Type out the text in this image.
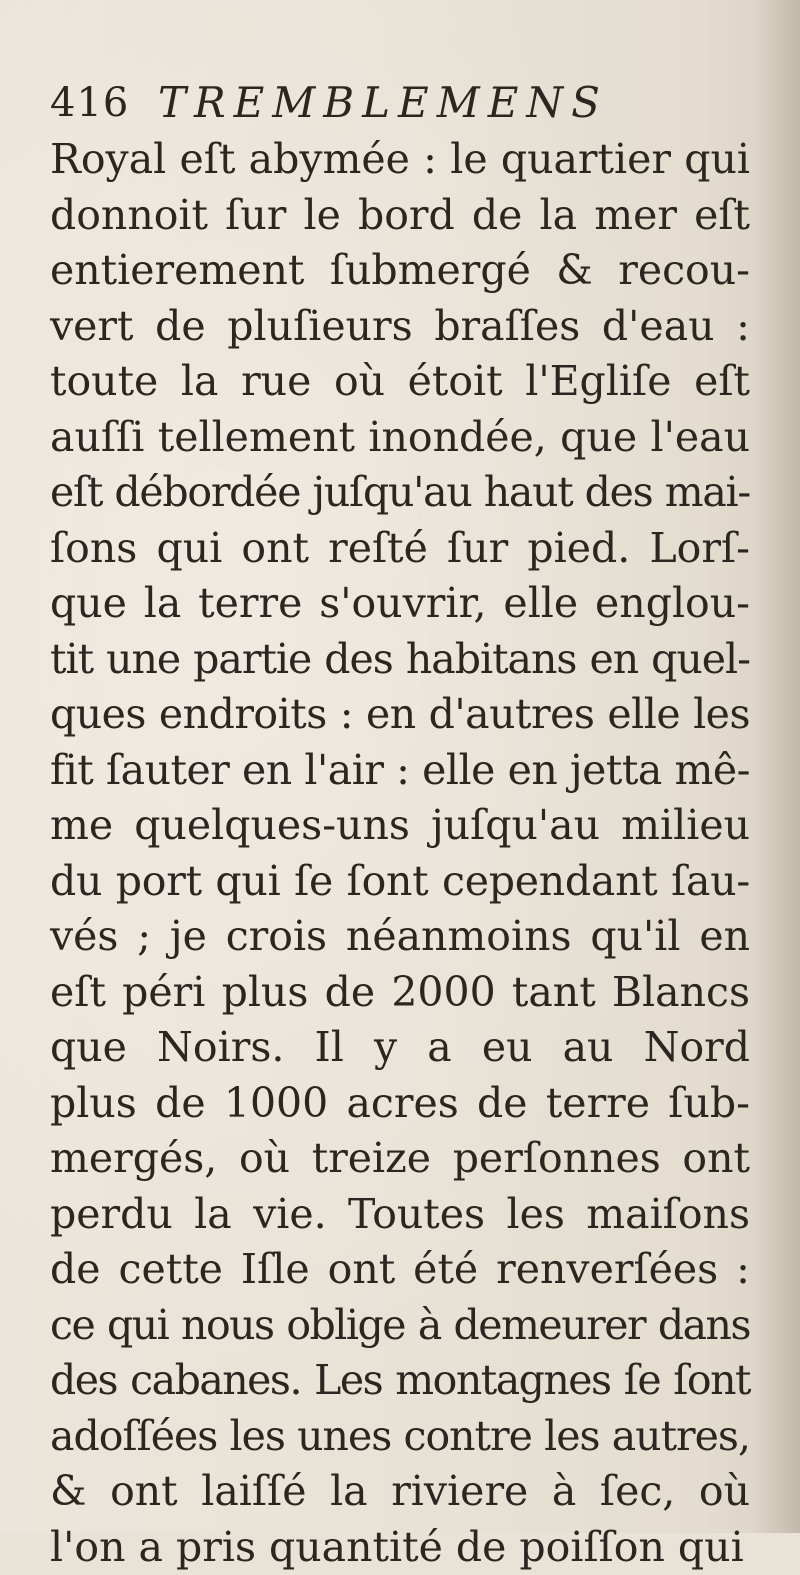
416 TREMBLEMENS
Royal eſt abymée : le quartier qui
donnoit ſur le bord de la mer eſt
entierement ſubmergé & recou-
vert de pluſieurs braſſes d'eau :
toute la rue où étoit l'Egliſe eſt
auſſi tellement inondée, que l'eau
eſt débordée juſqu'au haut des mai-
ſons qui ont reſté ſur pied. Lorſ-
que la terre s'ouvrir, elle englou-
tit une partie des habitans en quel-
ques endroits : en d'autres elle les
fit ſauter en l'air : elle en jetta mê-
me quelques-uns juſqu'au milieu
du port qui ſe ſont cependant ſau-
vés ; je crois néanmoins qu'il en
eſt péri plus de 2000 tant Blancs
que Noirs. Il y a eu au Nord
plus de 1000 acres de terre ſub-
mergés, où treize perſonnes ont
perdu la vie. Toutes les maiſons
de cette Iſle ont été renverſées :
ce qui nous oblige à demeurer dans
des cabanes. Les montagnes ſe ſont
adoſſées les unes contre les autres,
& ont laiſſé la riviere à ſec, où
l'on a pris quantité de poiſſon qui
